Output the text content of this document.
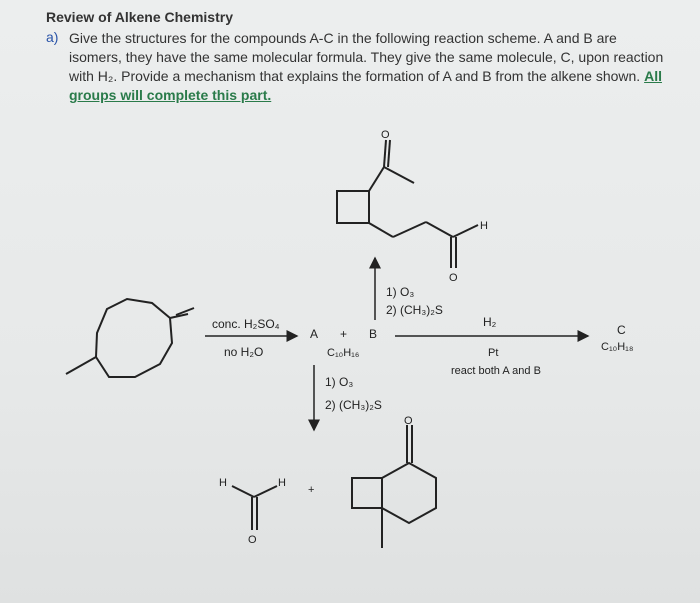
Review of Alkene Chemistry
a) Give the structures for the compounds A-C in the following reaction scheme. A and B are isomers, they have the same molecular formula. They give the same molecule, C, upon reaction with H₂. Provide a mechanism that explains the formation of A and B from the alkene shown. All groups will complete this part.
conc. H₂SO₄
no H₂O
A + B
C₁₀H₁₆
1) O₃
2) (CH₃)₂S
O
O
H
H₂
Pt
react both A and B
C
C₁₀H₁₈
1) O₃
2) (CH₃)₂S
H	H
O
+
O
